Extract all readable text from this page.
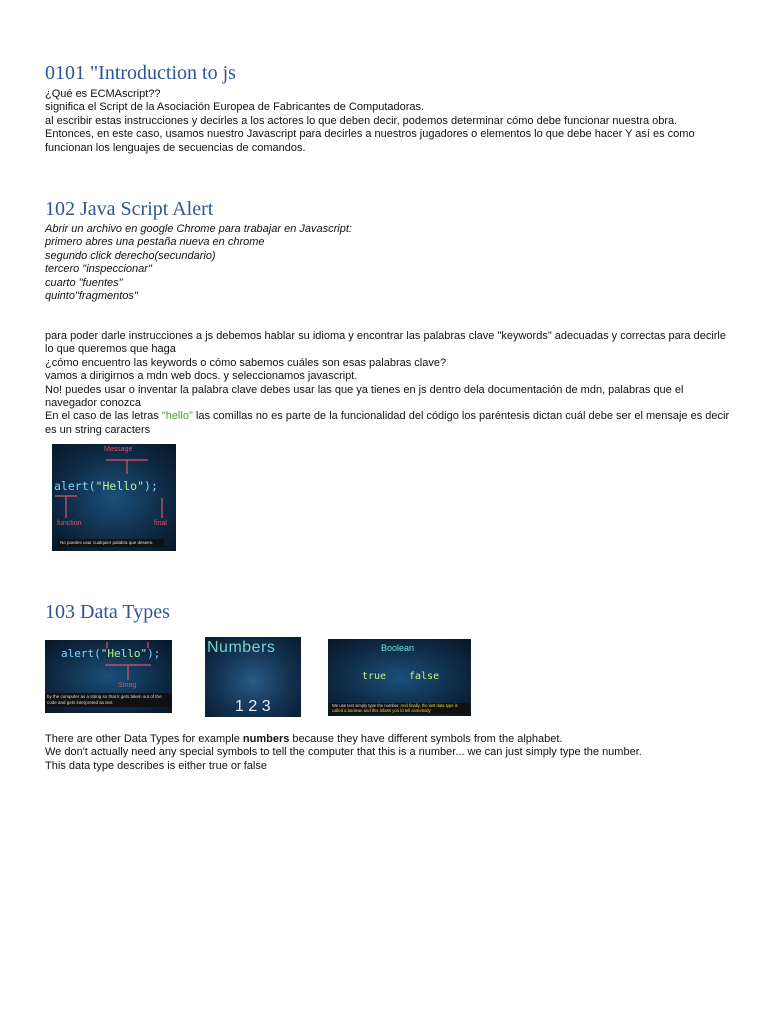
0101 "Introduction to js

¿Qué es ECMAscript??

significa el Script de la Asociación Europea de Fabricantes de Computadoras.

al escribir estas instrucciones y decirles a los actores lo que deben decir, podemos determinar cómo debe funcionar nuestra obra.

Entonces, en este caso, usamos nuestro Javascript para decirles a nuestros jugadores o elementos lo que debe hacer Y así es como funcionan los lenguajes de secuencias de comandos.

102 Java Script Alert

Abrir un archivo en google Chrome para trabajar en Javascript:

primero abres una pestaña nueva en chrome

segundo click derecho(secundario)

tercero "inspeccionar"

cuarto "fuentes"

quinto"fragmentos"

para poder darle instrucciones a js debemos hablar su idioma y encontrar las palabras clave "keywords" adecuadas y correctas para decirle lo que queremos que haga

¿cómo encuentro las keywords o cómo sabemos cuáles son esas palabras clave?

vamos a dirigirnos a mdn web docs. y seleccionamos javascript.

No! puedes usar o inventar la palabra clave debes usar las que ya tienes en js dentro dela documentación de mdn, palabras que el navegador conozca

En el caso de las letras "hello" las comillas no es parte de la funcionalidad del código los paréntesis dictan cuál debe ser el mensaje es decir es un string caracters

Message
alert("Hello");
function	final
No puedes usar cualquier palabra que desees.
103 Data Types
alert("Hello");
String
by the computer as a string so that it gets taken out of the code and gets interpreted as text
Numbers
1 2 3
Boolean
true false
We use text simply type the number. And finally, the last data type is called a boolean and this allows you to tell somebody

There are other Data Types for example numbers because they have different symbols from the alphabet.

We don't actually need any special symbols to tell the computer that this is a number... we can just simply type the number.

This data type describes is either true or false
